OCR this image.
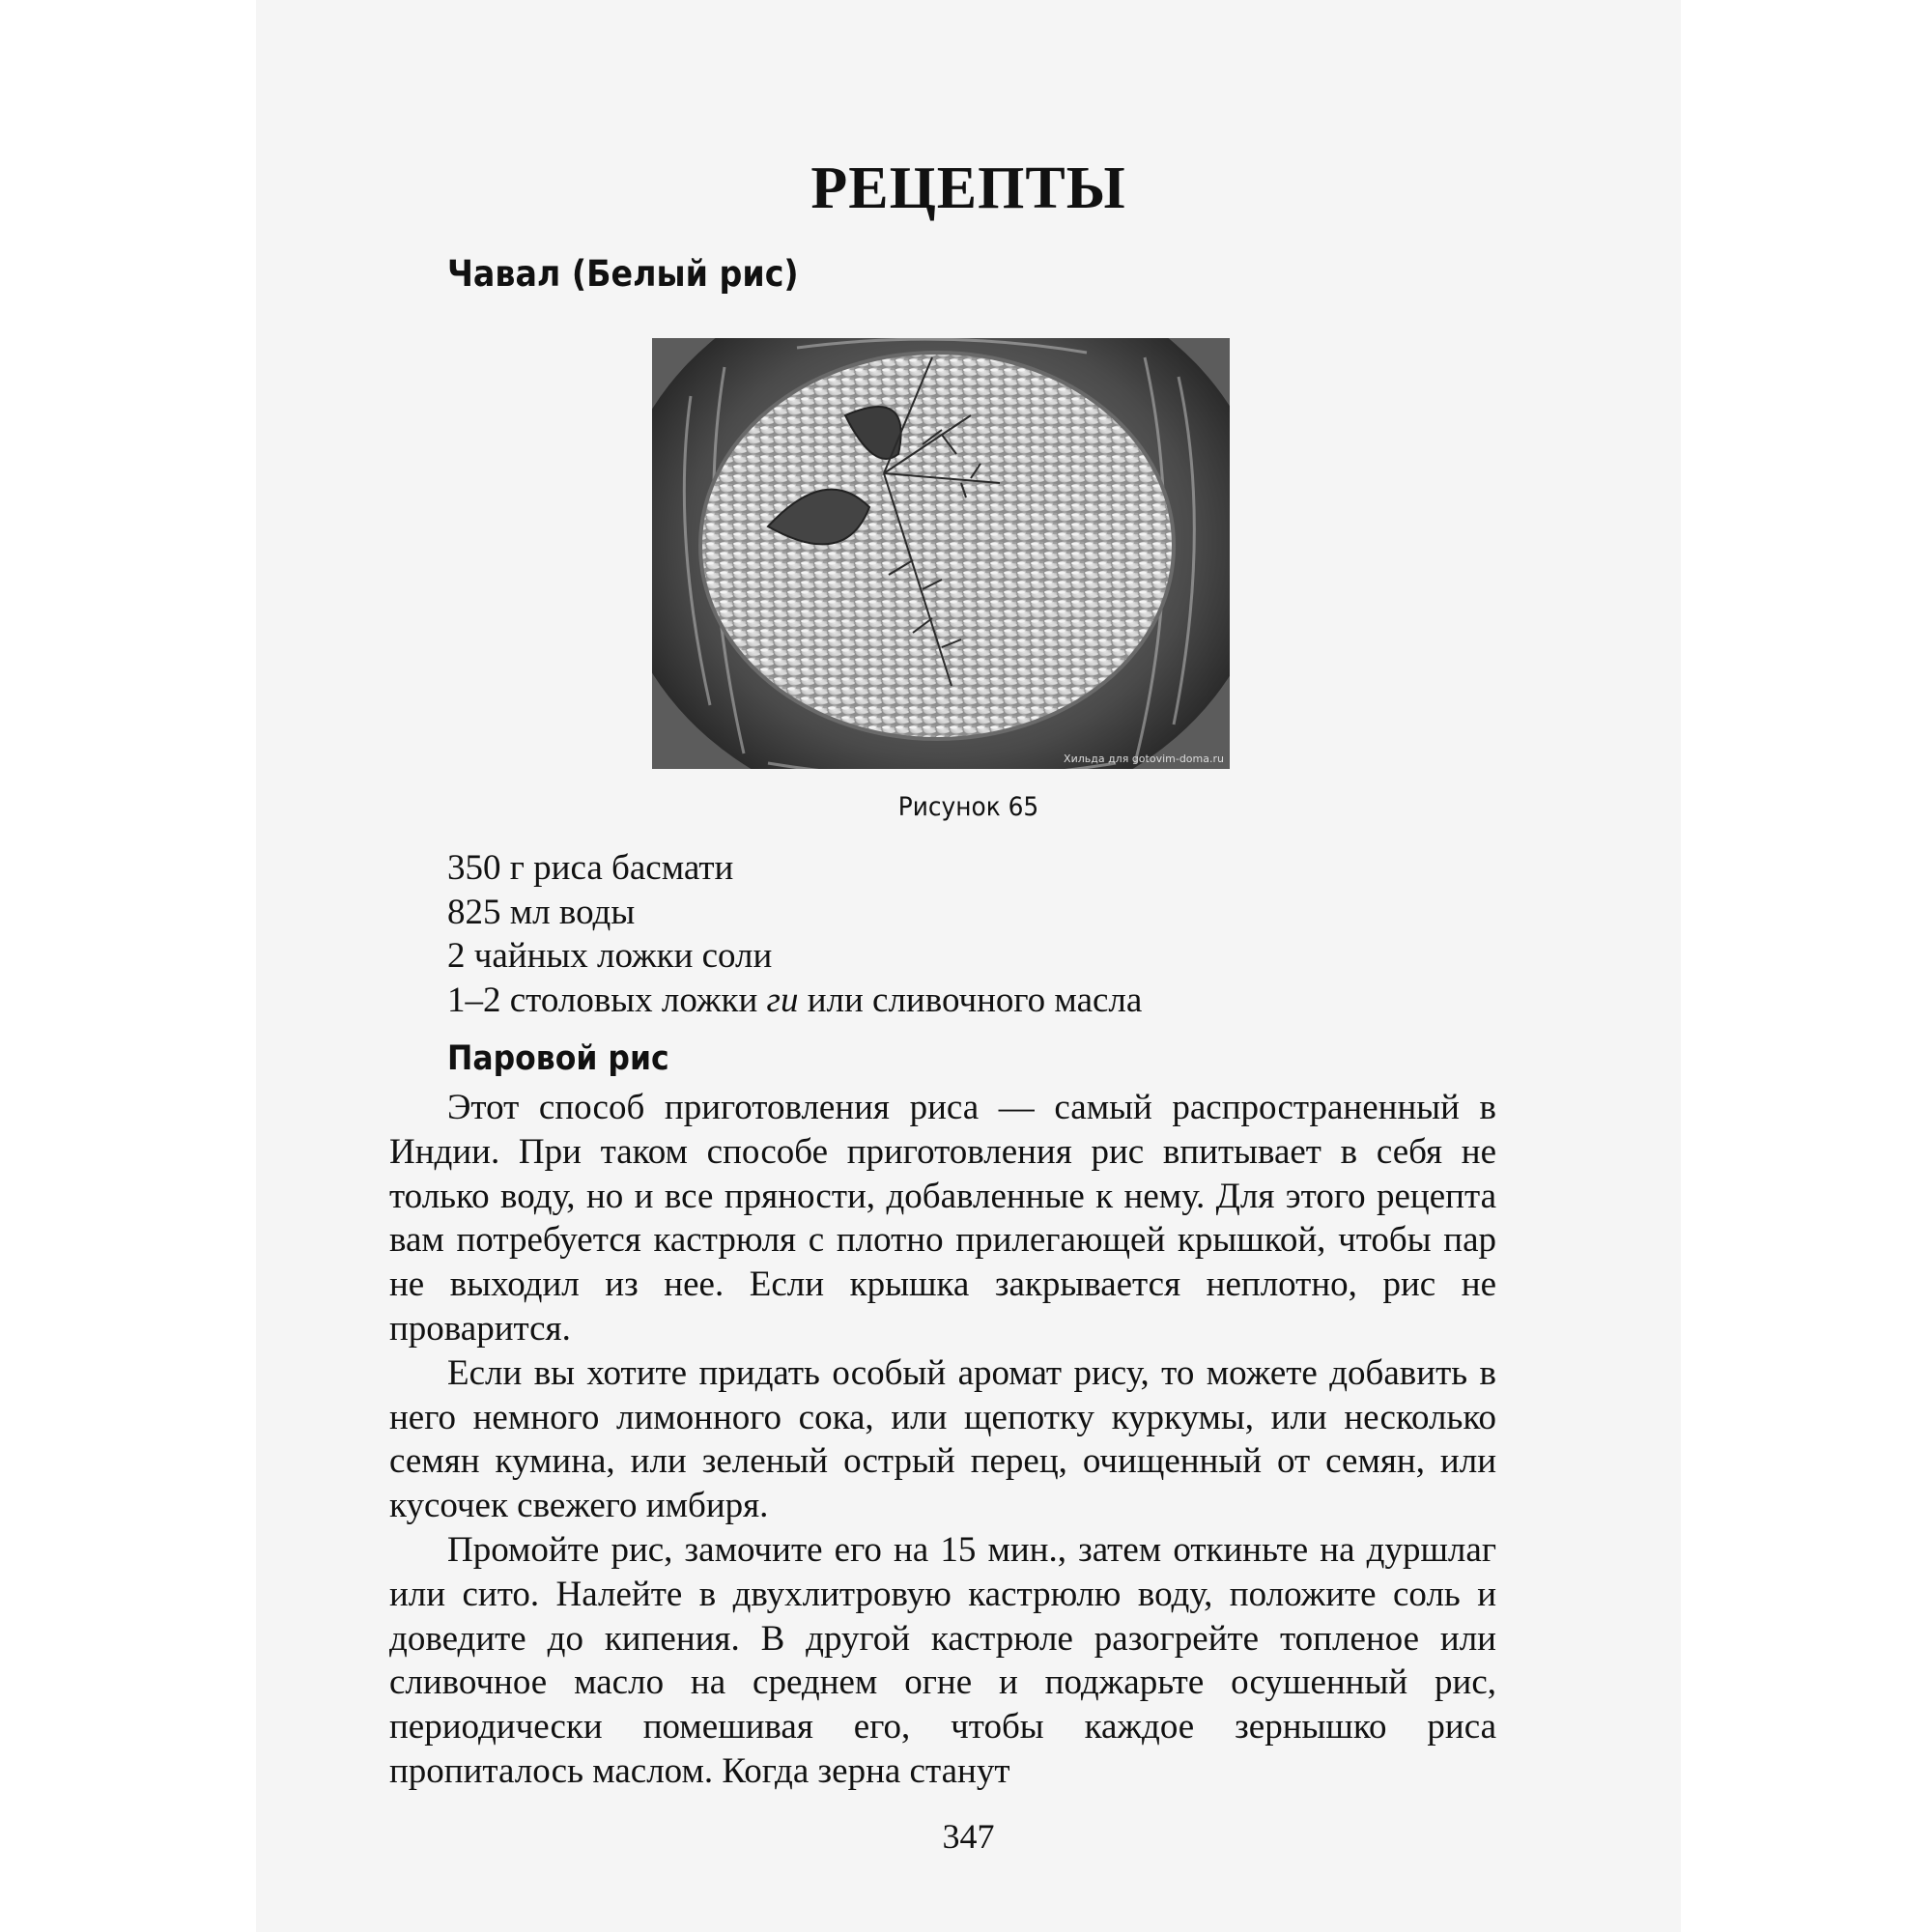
РЕЦЕПТЫ
Чавал (Белый рис)
Хильда для gotovim-doma.ru

Рисунок 65

350 г риса басмати
825 мл воды
2 чайных ложки соли
1–2 столовых ложки ги или сливочного масла
Паровой рис

Этот способ приготовления риса — самый распространенный в Индии. При таком способе приготовления рис впитывает в себя не только воду, но и все пряности, добавленные к нему. Для этого рецепта вам потребуется кастрюля с плотно прилегающей крышкой, чтобы пар не выходил из нее. Если крышка закрывается неплотно, рис не проварится.

Если вы хотите придать особый аромат рису, то можете добавить в него немного лимонного сока, или щепотку куркумы, или несколько семян кумина, или зеленый острый перец, очищенный от семян, или кусочек свежего имбиря.

Промойте рис, замочите его на 15 мин., затем откиньте на дуршлаг или сито. Налейте в двухлитровую кастрюлю воду, положите соль и доведите до кипения. В другой кастрюле разогрейте топленое или сливочное масло на среднем огне и поджарьте осушенный рис, периодически помешивая его, чтобы каждое зернышко риса пропиталось маслом. Когда зерна станут

347
